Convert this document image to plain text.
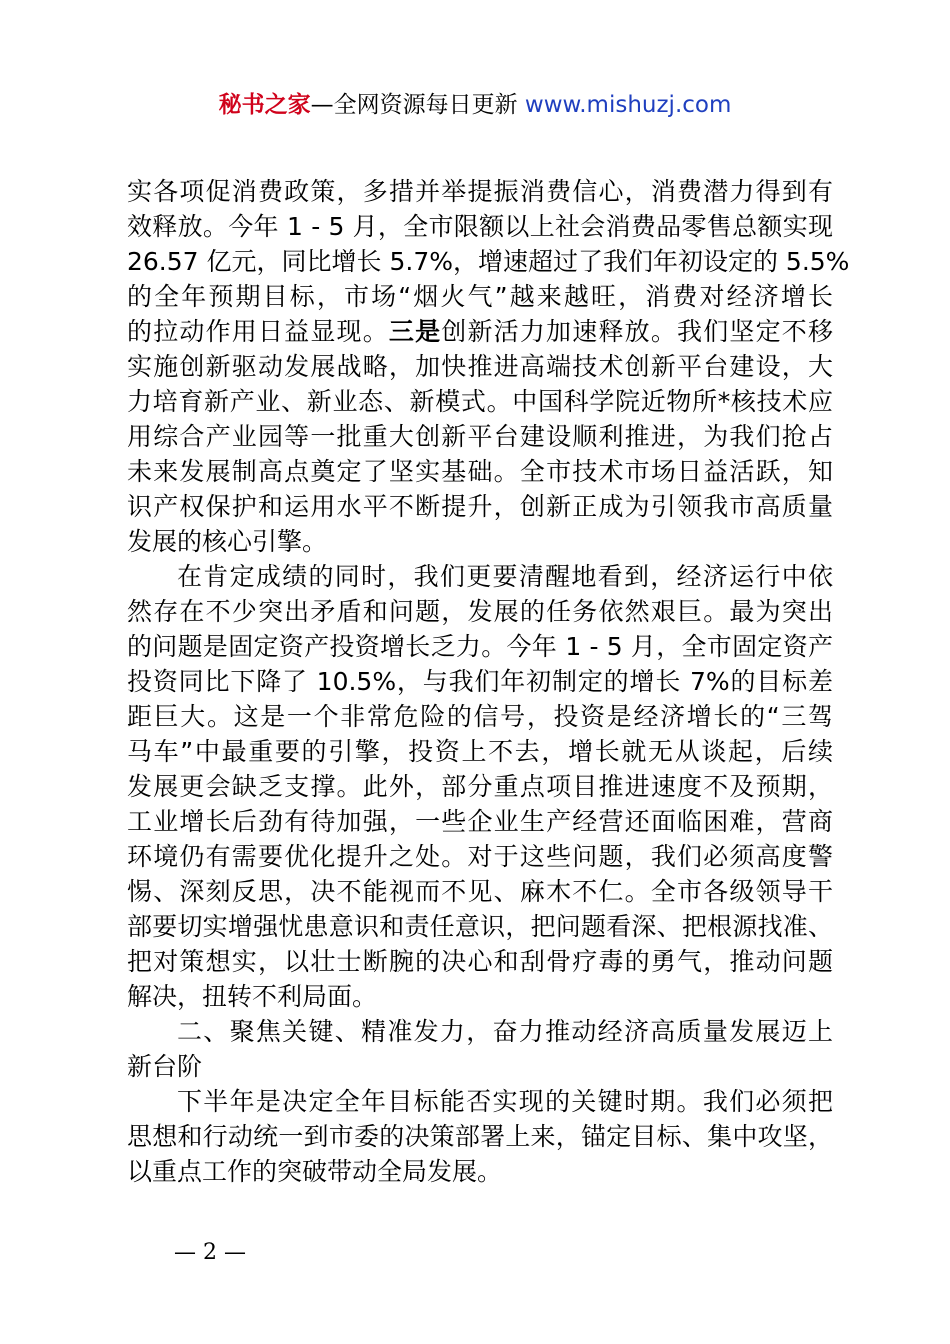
秘书之家—全网资源每日更新 www.mishuzj.com
实各项促消费政策，多措并举提振消费信心，消费潜力得到有
效释放。今年 1 - 5 月，全市限额以上社会消费品零售总额实现
26.57 亿元，同比增长 5.7%，增速超过了我们年初设定的 5.5%
的全年预期目标，市场“烟火气”越来越旺，消费对经济增长
的拉动作用日益显现。三是创新活力加速释放。我们坚定不移
实施创新驱动发展战略，加快推进高端技术创新平台建设，大
力培育新产业、新业态、新模式。中国科学院近物所*核技术应
用综合产业园等一批重大创新平台建设顺利推进，为我们抢占
未来发展制高点奠定了坚实基础。全市技术市场日益活跃，知
识产权保护和运用水平不断提升，创新正成为引领我市高质量
发展的核心引擎。
在肯定成绩的同时，我们更要清醒地看到，经济运行中依
然存在不少突出矛盾和问题，发展的任务依然艰巨。最为突出
的问题是固定资产投资增长乏力。今年 1 - 5 月，全市固定资产
投资同比下降了 10.5%，与我们年初制定的增长 7%的目标差
距巨大。这是一个非常危险的信号，投资是经济增长的“三驾
马车”中最重要的引擎，投资上不去，增长就无从谈起，后续
发展更会缺乏支撑。此外，部分重点项目推进速度不及预期，
工业增长后劲有待加强，一些企业生产经营还面临困难，营商
环境仍有需要优化提升之处。对于这些问题，我们必须高度警
惕、深刻反思，决不能视而不见、麻木不仁。全市各级领导干
部要切实增强忧患意识和责任意识，把问题看深、把根源找准、
把对策想实，以壮士断腕的决心和刮骨疗毒的勇气，推动问题
解决，扭转不利局面。
二、聚焦关键、精准发力，奋力推动经济高质量发展迈上
新台阶
下半年是决定全年目标能否实现的关键时期。我们必须把
思想和行动统一到市委的决策部署上来，锚定目标、集中攻坚，
以重点工作的突破带动全局发展。
— 2 —
